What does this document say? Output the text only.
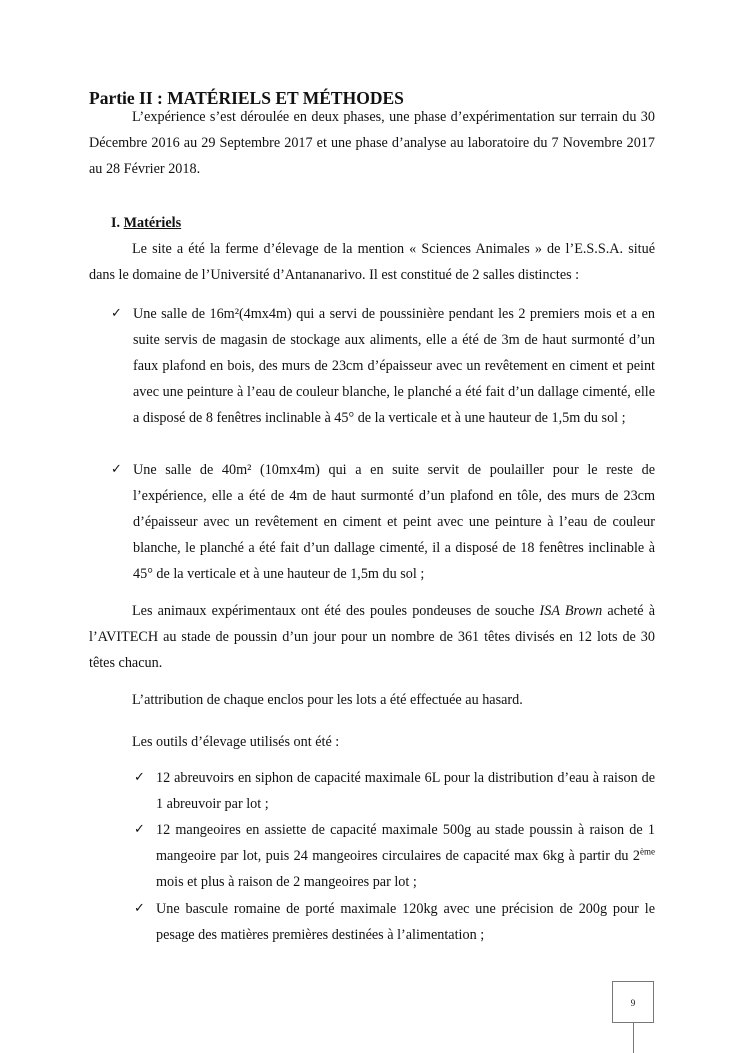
Partie II : MATÉRIELS ET MÉTHODES
L’expérience s’est déroulée en deux phases, une phase d’expérimentation sur terrain du 30 Décembre 2016 au 29 Septembre 2017 et une phase d’analyse au laboratoire du 7 Novembre 2017 au 28 Février 2018.
I. Matériels
Le site a été la ferme d’élevage de la mention « Sciences Animales » de l’E.S.S.A. situé dans le domaine de l’Université d’Antananarivo. Il est constitué de 2 salles distinctes :
✓ Une salle de 16m²(4mx4m) qui a servi de poussinière pendant les 2 premiers mois et a en suite servis de magasin de stockage aux aliments, elle a été de 3m de haut surmonté d’un faux plafond en bois, des murs de 23cm d’épaisseur avec un revêtement en ciment et peint avec une peinture à l’eau de couleur blanche, le planché a été fait d’un dallage cimenté, elle a disposé de 8 fenêtres inclinable à 45° de la verticale et à une hauteur de 1,5m du sol ;
✓ Une salle de 40m² (10mx4m) qui a en suite servit de poulailler pour le reste de l’expérience, elle a été de 4m de haut surmonté d’un plafond en tôle, des murs de 23cm d’épaisseur avec un revêtement en ciment et peint avec une peinture à l’eau de couleur blanche, le planché a été fait d’un dallage cimenté, il a disposé de 18 fenêtres inclinable à 45° de la verticale et à une hauteur de 1,5m du sol ;
Les animaux expérimentaux ont été des poules pondeuses de souche ISA Brown acheté à l’AVITECH au stade de poussin d’un jour pour un nombre de 361 têtes divisés en 12 lots de 30 têtes chacun.
L’attribution de chaque enclos pour les lots a été effectuée au hasard.
Les outils d’élevage utilisés ont été :
✓ 12 abreuvoirs en siphon de capacité maximale 6L pour la distribution d’eau à raison de 1 abreuvoir par lot ;
✓ 12 mangeoires en assiette de capacité maximale 500g au stade poussin à raison de 1 mangeoire par lot, puis 24 mangeoires circulaires de capacité max 6kg à partir du 2ème mois et plus à raison de 2 mangeoires par lot ;
✓ Une bascule romaine de porté maximale 120kg avec une précision de 200g pour le pesage des matières premières destinées à l’alimentation ;
9
